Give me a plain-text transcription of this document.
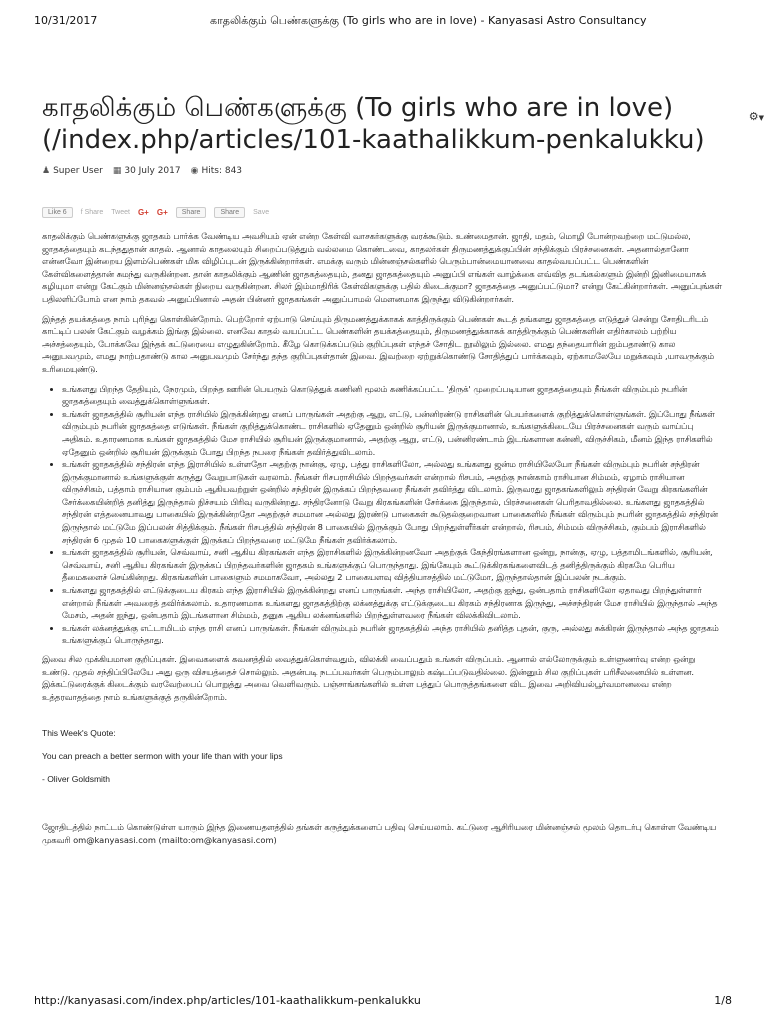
10/31/2017	காதலிக்கும் பெண்களுக்கு (To girls who are in love) - Kanyasasi Astro Consultancy
காதலிக்கும் பெண்களுக்கு (To girls who are in love) (/index.php/articles/101-kaathalikkum-penkalukku)
♟ Super User ▦ 30 July 2017 ◉ Hits: 843
Like 6	f Share Tweet G+ G+	Share	Share	Save

காதலிக்கும் பெண்களுக்கு ஜாதகம் பார்க்க வேண்டிய அவசியம் ஏன் என்ற கேள்வி வாசகர்களுக்கு வரக்கூடும். உண்மைதான். ஜாதி, மதம், மொழி போன்றவற்றை மட்டுமல்ல, ஜாதகத்தையும் கடந்ததுதான் காதல். ஆனால் காதலையும் சிறைப்படுத்தும் வல்லமை கொண்டவை, காதலர்கள் திருமணத்துக்குப்பின் சந்திக்கும் பிரச்சனைகள். அதனால்தானோ என்னவோ இன்றைய இளம்பெண்கள் மிக விழிப்புடன் இருக்கின்றார்கள். எமக்கு வரும் மின்னஞ்சல்களில் பெரும்பான்மையானவை காதல்வயப்பட்ட பெண்களின் கேள்விகளைத்தான் சுமந்து வருகின்றன. தான் காதலிக்கும் ஆணின் ஜாதகத்தையும், தனது ஜாதகத்தையும் அனுப்பி எங்கள் வாழ்க்கை எவ்வித தடங்கல்களும் இன்றி இனிமையாகக் கழியுமா என்று கேட்கும் மின்னஞ்சல்கள் நிறைய வருகின்றன. சிலர் இம்மாதிரிக் கேள்விகளுக்கு பதில் கிடைக்குமா? ஜாதகத்தை அனுப்பட்டுமா? என்று கேட்கின்றார்கள். அனுப்புங்கள் பதிலளிப்போம் என நாம் தகவல் அனுப்பினால் அதன் பின்னர் ஜாதகங்கள் அனுப்பாமல் மௌனமாக இருந்து விடுகின்றார்கள்.

இந்தத் தயக்கத்தை நாம் புரிந்து கொள்கின்றோம். பெற்றோர் ஏற்பாடு செய்யும் திருமணத்துக்காகக் காத்திருக்கும் பெண்கள் கூடத் தங்களது ஜாதகத்தை எடுத்துச் சென்று சோதிடரிடம் காட்டிப் பலன் கேட்கும் வழக்கம் இங்கு இல்லை. எனவே காதல் வயப்பட்ட பெண்களின் தயக்கத்தையும், திருமணத்துக்காகக் காத்திருக்கும் பெண்களின் எதிர்காலம் பற்றிய அச்சத்தையும், போக்கவே இந்தக் கட்டுரையை எழுதுகின்றோம். கீழே கொடுக்கப்படும் குறிப்புகள் எந்தச் சோதிட நூலிலும் இல்லை. எமது தந்தையாரின் ஐம்பதாண்டு கால அனுபவமும், எமது நாற்பதாண்டு கால அனுபவமும் சேர்ந்து தந்த குறிப்புகள்தான் இவை. இவற்றை ஏற்றுக்கொண்டு சோதித்துப் பார்க்கவும், ஏற்காமலேயே மறுக்கவும் ,யாவருக்கும் உரிமையுண்டு.

• உங்களது பிறந்த தேதியும், நேரமும், பிறந்த ஊரின் பெயரும் கொடுத்துக் கணினி மூலம் கணிக்கப்பட்ட 'திருக்' முறைப்படியான ஜாதகத்தையும் நீங்கள் விரும்பும் நபரின் ஜாதகத்தையும் வைத்துக்கொள்ளுங்கள்.
• உங்கள் ஜாதகத்தில் சூரியன் எந்த ராசியில் இருக்கின்றது எனப் பாருங்கள் அதற்கு ஆறு, எட்டு, பன்னிரண்டு ராசிகளின் பெயர்களைக் குறித்துக்கொள்ளுங்கள். இப்போது நீங்கள் விரும்பும் நபரின் ஜாதகத்தை எடுங்கள். நீங்கள் குறித்துக்கொண்ட ராசிகளில் ஏதேனும் ஒன்றில் சூரியன் இருக்குமானால், உங்களுக்கிடையே பிரச்சனைகள் வரும் வாய்ப்பு அதிகம். உதாரணமாக உங்கள் ஜாதகத்தில் மேச ராசியில் சூரியன் இருக்குமானால், அதற்கு ஆறு, எட்டு, பன்னிரண்டாம் இடங்களான கன்னி, விருச்சிகம், மீனம் இந்த ராசிகளில் ஏதேனும் ஒன்றில் சூரியன் இருக்கும் போது பிறந்த நபரை நீங்கள் தவிர்த்துவிடலாம்.
• உங்கள் ஜாதகத்தில் சந்திரன் எந்த இராசியில் உள்ளதோ அதற்கு நான்கு, ஏழு, பத்து ராசிகளிலோ, அல்லது உங்களது ஜன்ம ராசியிலேயோ நீங்கள் விரும்பும் நபரின் சந்திரன் இருக்குமானால் உங்களுக்குள் கருத்து வேறுபாடுகள் வரலாம். நீங்கள் ரிசபராசியில் பிறந்தவர்கள் என்றால் ரிசபம், அதற்கு நான்காம் ராசியான சிம்மம், ஏழாம் ராசியான விருச்சிகம், பத்தாம் ராசியான கும்பம் ஆகியவற்றுள் ஒன்றில் சந்திரன் இருக்கப் பிறந்தவரை நீங்கள் தவிர்த்து விடலாம். இருவரது ஜாதகங்களிலும் சந்திரன் வேறு கிரகங்களின் சேர்க்கையின்றித் தனித்து இருந்தால் நிச்சயம் பிரிவு வருகின்றது. சந்திரனோடு வேறு கிரகங்களின் சேர்க்கை இருந்தால், பிரச்சனைகள் பெரிதாவதில்லை. உங்களது ஜாதகத்தில் சந்திரன் எத்தனையாவது பாகையில் இருக்கின்றதோ அதற்குச் சமமான அல்லது இரண்டு பாகைகள் கூடுதல்குறைவான பாகைகளில் நீங்கள் விரும்பும் நபரின் ஜாதகத்தில் சந்திரன் இருந்தால் மட்டுமே இப்பலன் சித்திக்கும். நீங்கள் ரிசபத்தில் சந்திரன் 8 பாகையில் இருக்கும் போது பிறந்துள்ளீர்கள் என்றால், ரிசபம், சிம்மம் விருச்சிகம், கும்பம் இராசிகளில் சந்திரன் 6 முதல் 10 பாகைகளுக்குள் இருக்கப் பிறந்தவரை மட்டுமே நீங்கள் தவிர்க்கலாம்.
• உங்கள் ஜாதகத்தில் சூரியன், செவ்வாய், சனி ஆகிய கிரகங்கள் எந்த இராசிகளில் இருக்கின்றனவோ அதற்குக் கேந்திரங்களான ஒன்று, நான்கு, ஏழு, பத்தாமிடங்களில், சூரியன், செவ்வாய், சனி ஆகிய கிரகங்கள் இருக்கப் பிறந்தவர்களின் ஜாதகம் உங்களுக்குப் பொருந்தாது. இங்கேயும் கூட்டுக்கிரகங்களைவிடத் தனித்திருக்கும் கிரகமே பெரிய தீமைகளைச் செய்கின்றது. கிரகங்களின் பாகைளும் சமமாகவோ, அல்லது 2 பாகையளவு வித்தியாசத்தில் மட்டுமோ, இருந்தால்தான் இப்பலன் நடக்கும்.
• உங்களது ஜாதகத்தில் எட்டுக்குடைய கிரகம் எந்த இராசியில் இருக்கின்றது எனப் பாருங்கள். அந்த ராசியிலோ, அதற்கு ஐந்து, ஒன்பதாம் ராசிகளிலோ ஏதாவது பிறந்துள்ளார் என்றால் நீங்கள் அவரைத் தவிர்க்கலாம். உதாரணமாக உங்களது ஜாதகத்திற்கு லக்னத்துக்கு எட்டுக்குடைய கிரகம் சந்திரனாக இருந்து, அச்சந்திரன் மேச ராசியில் இருந்தால் அந்த மேசம், அதன் ஐந்து, ஒன்பதாம் இடங்களான சிம்மம், தனுசு ஆகிய லக்னங்களில் பிறந்துள்ளவரை நீங்கள் விலக்கிவிடலாம்.
• உங்கள் லக்னத்துக்கு எட்டாமிடம் எந்த ராசி எனப் பாருங்கள். நீங்கள் விரும்பும் நபரின் ஜாதகத்தில் அந்த ராசியில் தனித்த புதன், குரு, அல்லது சுக்கிரன் இருந்தால் அந்த ஜாதகம் உங்களுக்குப் பொருந்தாது.

இவை சில முக்கியமான குறிப்புகள். இவைகளைக் கவனத்தில் வைத்துக்கொள்வதும், விலக்கி வைப்பதும் உங்கள் விருப்பம். ஆனால் எல்லோருக்கும் உள்ளுணர்வு என்ற ஒன்று உண்டு. முதல் சந்திப்பிலேயே அது ஒரு விசயத்தைச் சொல்லும். அதன்படி நடப்பவர்கள் பெரும்பாலும் கஷ்டப்படுவதில்லை. இன்னும் சில குறிப்புகள் பரிசீலனையில் உள்ளன. இக்கட்டுரைக்குக் கிடைக்கும் வரவேற்பைப் பொறுத்து அவை வெளிவரும். பஞ்சாங்கங்களில் உள்ள பத்துப் பொருத்தங்களை விட இவை அறிவியல்பூர்வமானவை என்ற உத்தரவாதத்தை நாம் உங்களுக்குத் தருகின்றோம்.

This Week's Quote:
You can preach a better sermon with your life than with your lips
- Oliver Goldsmith
ஜோதிடத்தில் நாட்டம் கொண்டுள்ள யாரும் இந்த இணையதளத்தில் தங்கள் கருத்துக்களைப் பதிவு செய்யலாம். கட்டுரை ஆசிரியரை மின்னஞ்சல் மூலம் தொடர்பு கொள்ள வேண்டிய முகவரி om@kanyasasi.com (mailto:om@kanyasasi.com)
⚙▼
http://kanyasasi.com/index.php/articles/101-kaathalikkum-penkalukku	1/8
